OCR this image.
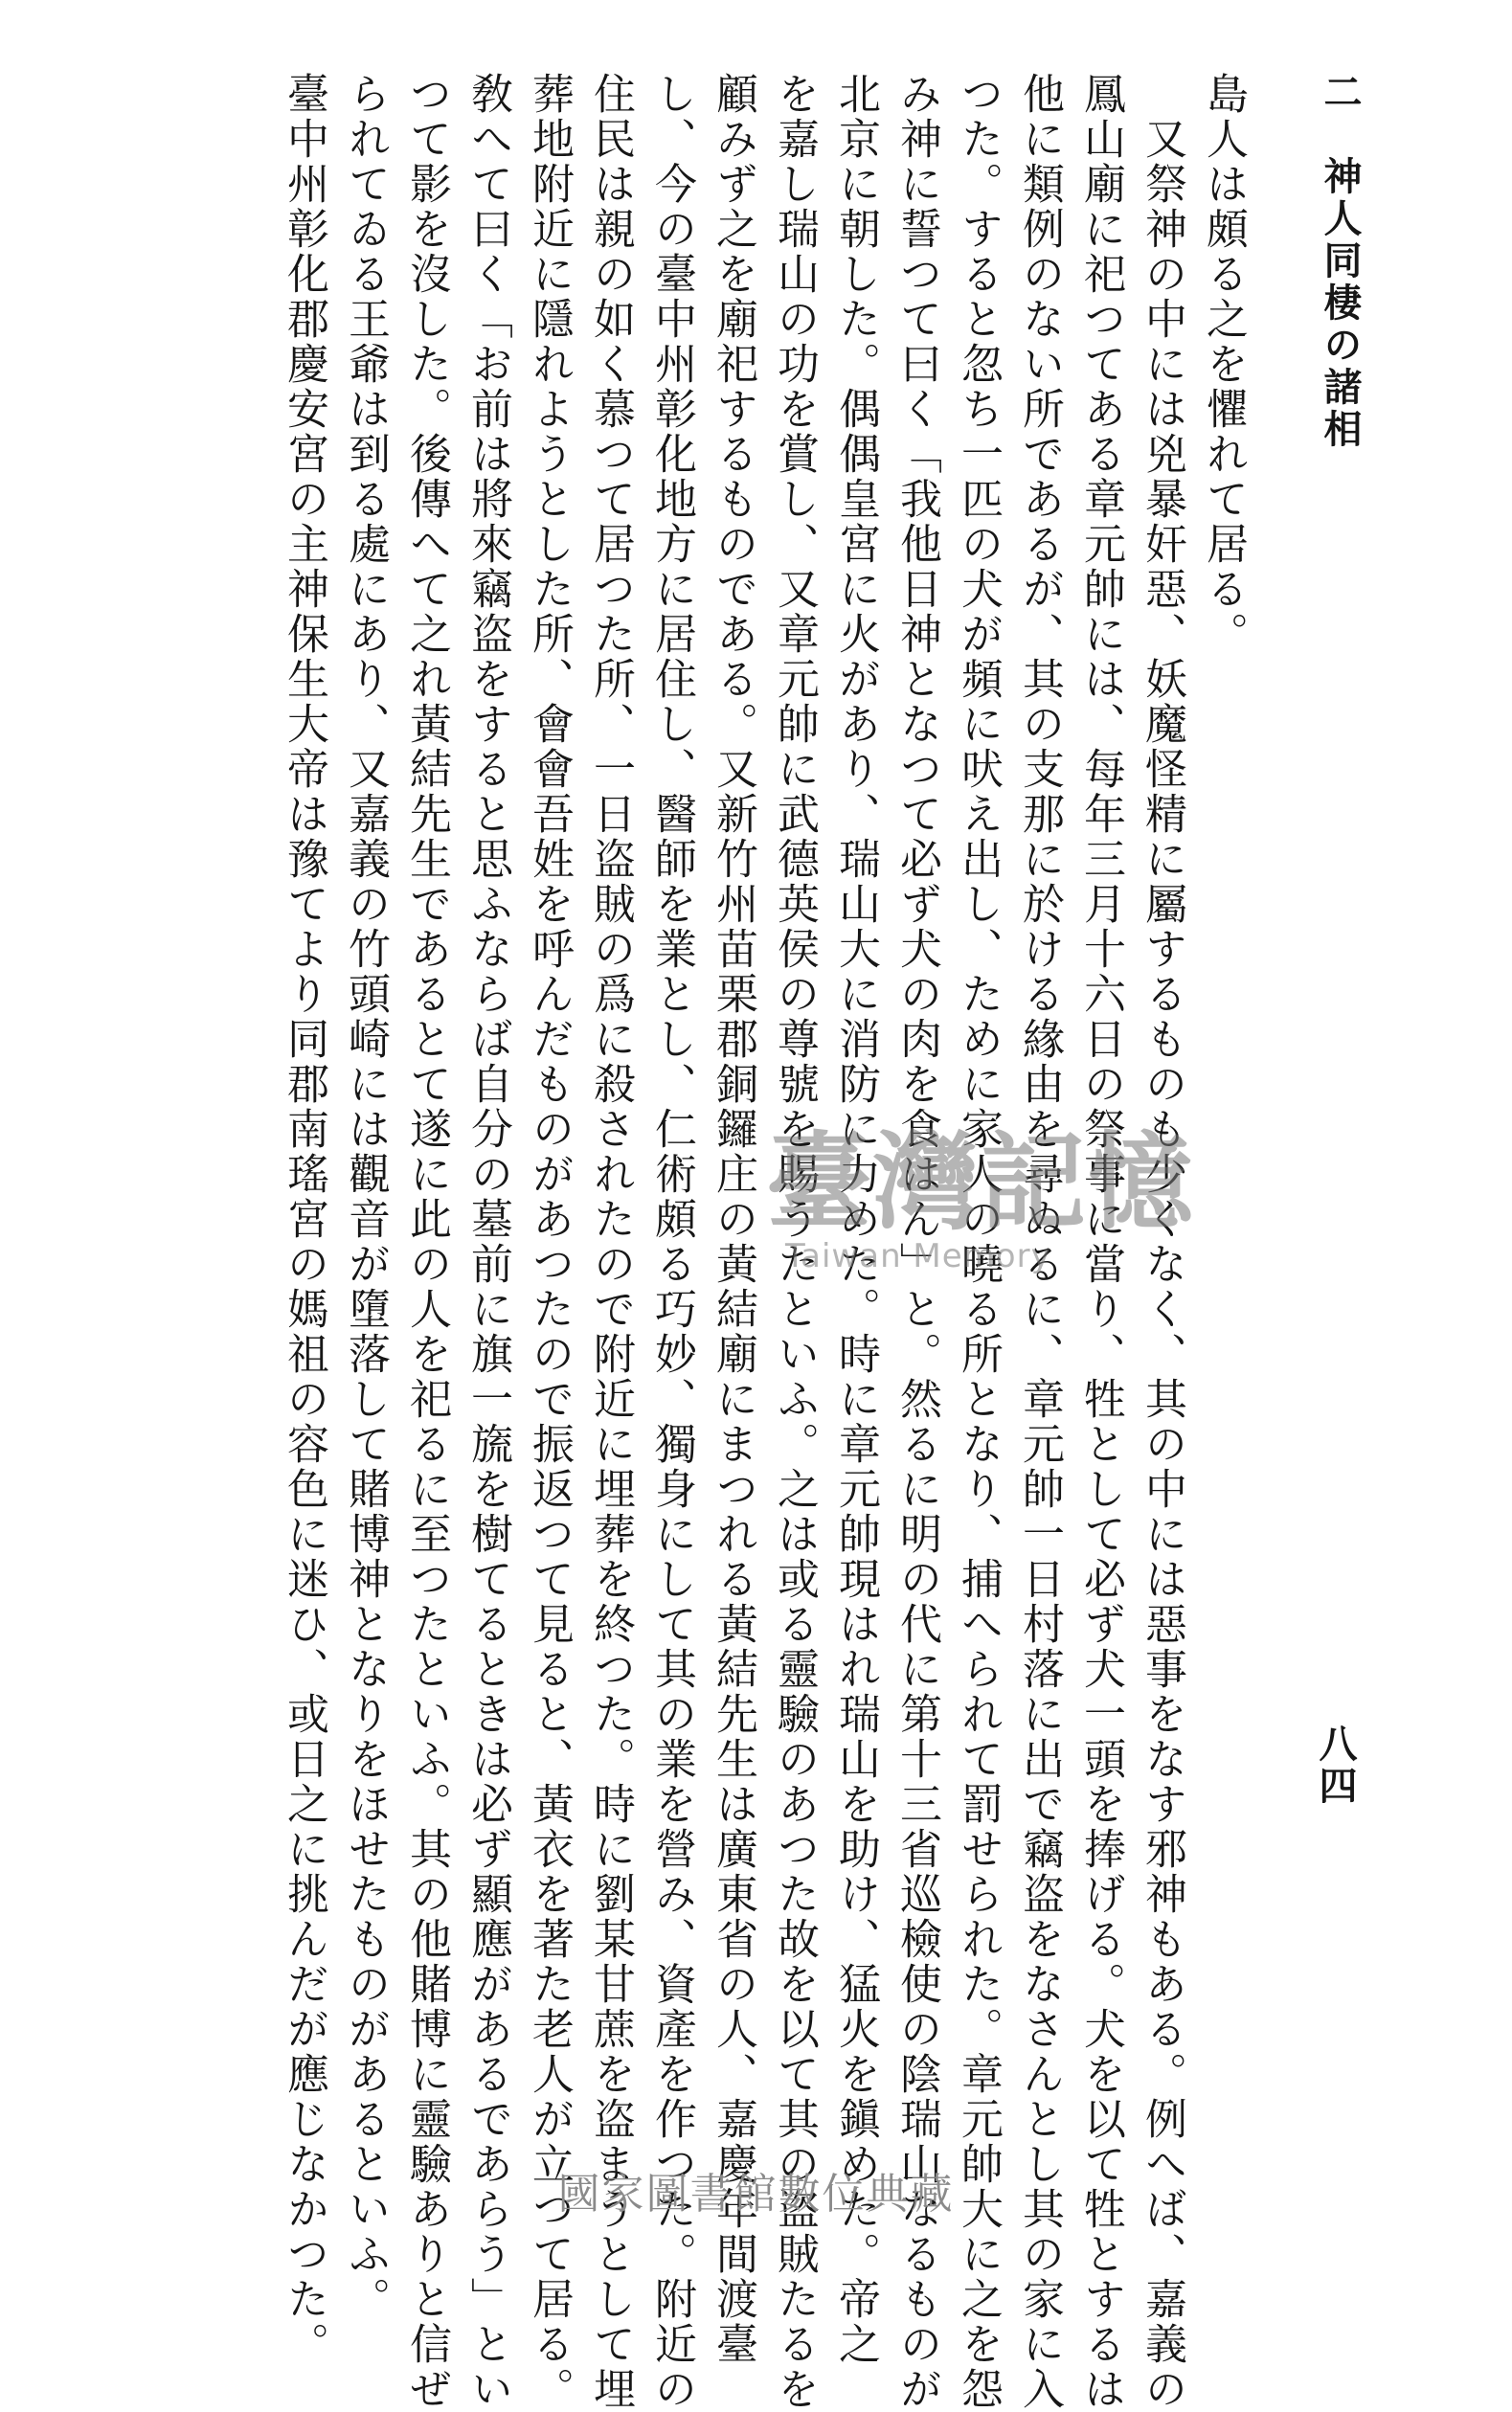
二　神人同棲の諸相
八四
島人は頗る之を懼れて居る。
　又祭神の中には兇暴奸惡、妖魔怪精に屬するものも少くなく、其の中には惡事をなす邪神もある。例へば、嘉義の
鳳山廟に祀つてある章元帥には、每年三月十六日の祭事に當り、牲として必ず犬一頭を捧げる。犬を以て牲とするは
他に類例のない所であるが、其の支那に於ける緣由を尋ぬるに、章元帥一日村落に出で竊盗をなさんとし其の家に入
つた。すると忽ち一匹の犬が頻に吠え出し、ために家人の曉る所となり、捕へられて罰せられた。章元帥大に之を怨
み神に誓つて曰く「我他日神となつて必ず犬の肉を食はん」と。然るに明の代に第十三省巡檢使の陰瑞山なるものが
北京に朝した。偶偶皇宮に火があり、瑞山大に消防に力めた。時に章元帥現はれ瑞山を助け、猛火を鎭めた。帝之
を嘉し瑞山の功を賞し、又章元帥に武德英侯の尊號を賜うたといふ。之は或る靈驗のあつた故を以て其の盗賊たるを
顧みず之を廟祀するものである。又新竹州苗栗郡銅鑼庄の黃結廟にまつれる黃結先生は廣東省の人、嘉慶年間渡臺
し、今の臺中州彰化地方に居住し、醫師を業とし、仁術頗る巧妙、獨身にして其の業を營み、資產を作つた。附近の
住民は親の如く慕つて居つた所、一日盗賊の爲に殺されたので附近に埋葬を終つた。時に劉某甘蔗を盗まうとして埋
葬地附近に隱れようとした所、會會吾姓を呼んだものがあつたので振返つて見ると、黃衣を著た老人が立つて居る。
敎へて曰く「お前は將來竊盗をすると思ふならば自分の墓前に旗一旒を樹てるときは必ず顯應があるであらう」とい
つて影を沒した。後傳へて之れ黃結先生であるとて遂に此の人を祀るに至つたといふ。其の他賭博に靈驗ありと信ぜ
られてゐる王爺は到る處にあり、又嘉義の竹頭崎には觀音が墮落して賭博神となりをほせたものがあるといふ。
臺中州彰化郡慶安宮の主神保生大帝は豫てより同郡南瑤宮の媽祖の容色に迷ひ、或日之に挑んだが應じなかつた。	臺灣記憶
Taiwan Memory
國家圖書館數位典藏
